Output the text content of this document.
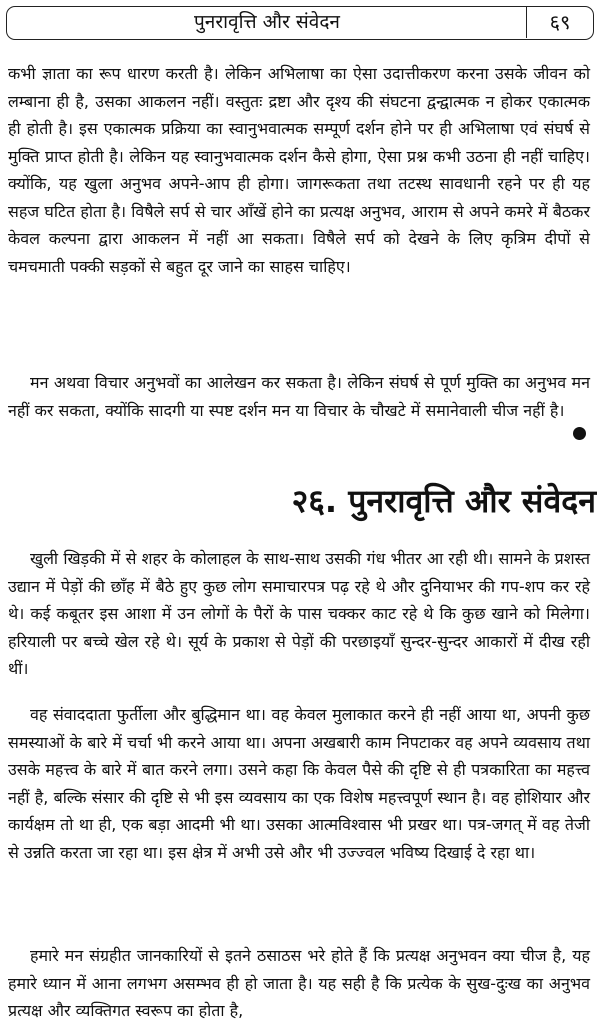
पुनरावृत्ति और संवेदन	६९

कभी ज्ञाता का रूप धारण करती है। लेकिन अभिलाषा का ऐसा उदात्तीकरण करना उसके जीवन को लम्बाना ही है, उसका आकलन नहीं। वस्तुतः द्रष्टा और दृश्य की संघटना द्वन्द्वात्मक न होकर एकात्मक ही होती है। इस एकात्मक प्रक्रिया का स्वानुभवात्मक सम्पूर्ण दर्शन होने पर ही अभिलाषा एवं संघर्ष से मुक्ति प्राप्त होती है। लेकिन यह स्वानुभवात्मक दर्शन कैसे होगा, ऐसा प्रश्न कभी उठना ही नहीं चाहिए। क्योंकि, यह खुला अनुभव अपने-आप ही होगा। जागरूकता तथा तटस्थ सावधानी रहने पर ही यह सहज घटित होता है। विषैले सर्प से चार आँखें होने का प्रत्यक्ष अनुभव, आराम से अपने कमरे में बैठकर केवल कल्पना द्वारा आकलन में नहीं आ सकता। विषैले सर्प को देखने के लिए कृत्रिम दीपों से चमचमाती पक्की सड़कों से बहुत दूर जाने का साहस चाहिए।

मन अथवा विचार अनुभवों का आलेखन कर सकता है। लेकिन संघर्ष से पूर्ण मुक्ति का अनुभव मन नहीं कर सकता, क्योंकि सादगी या स्पष्ट दर्शन मन या विचार के चौखटे में समानेवाली चीज नहीं है।

२६. पुनरावृत्ति और संवेदन

खुली खिड़की में से शहर के कोलाहल के साथ-साथ उसकी गंध भीतर आ रही थी। सामने के प्रशस्त उद्यान में पेड़ों की छाँह में बैठे हुए कुछ लोग समाचारपत्र पढ़ रहे थे और दुनियाभर की गप-शप कर रहे थे। कई कबूतर इस आशा में उन लोगों के पैरों के पास चक्कर काट रहे थे कि कुछ खाने को मिलेगा। हरियाली पर बच्चे खेल रहे थे। सूर्य के प्रकाश से पेड़ों की परछाइयाँ सुन्दर-सुन्दर आकारों में दीख रही थीं।

वह संवाददाता फुर्तीला और बुद्धिमान था। वह केवल मुलाकात करने ही नहीं आया था, अपनी कुछ समस्याओं के बारे में चर्चा भी करने आया था। अपना अखबारी काम निपटाकर वह अपने व्यवसाय तथा उसके महत्त्व के बारे में बात करने लगा। उसने कहा कि केवल पैसे की दृष्टि से ही पत्रकारिता का महत्त्व नहीं है, बल्कि संसार की दृष्टि से भी इस व्यवसाय का एक विशेष महत्त्वपूर्ण स्थान है। वह होशियार और कार्यक्षम तो था ही, एक बड़ा आदमी भी था। उसका आत्मविश्वास भी प्रखर था। पत्र-जगत् में वह तेजी से उन्नति करता जा रहा था। इस क्षेत्र में अभी उसे और भी उज्ज्वल भविष्य दिखाई दे रहा था।

हमारे मन संग्रहीत जानकारियों से इतने ठसाठस भरे होते हैं कि प्रत्यक्ष अनुभवन क्या चीज है, यह हमारे ध्यान में आना लगभग असम्भव ही हो जाता है। यह सही है कि प्रत्येक के सुख-दुःख का अनुभव प्रत्यक्ष और व्यक्तिगत स्वरूप का होता है,
